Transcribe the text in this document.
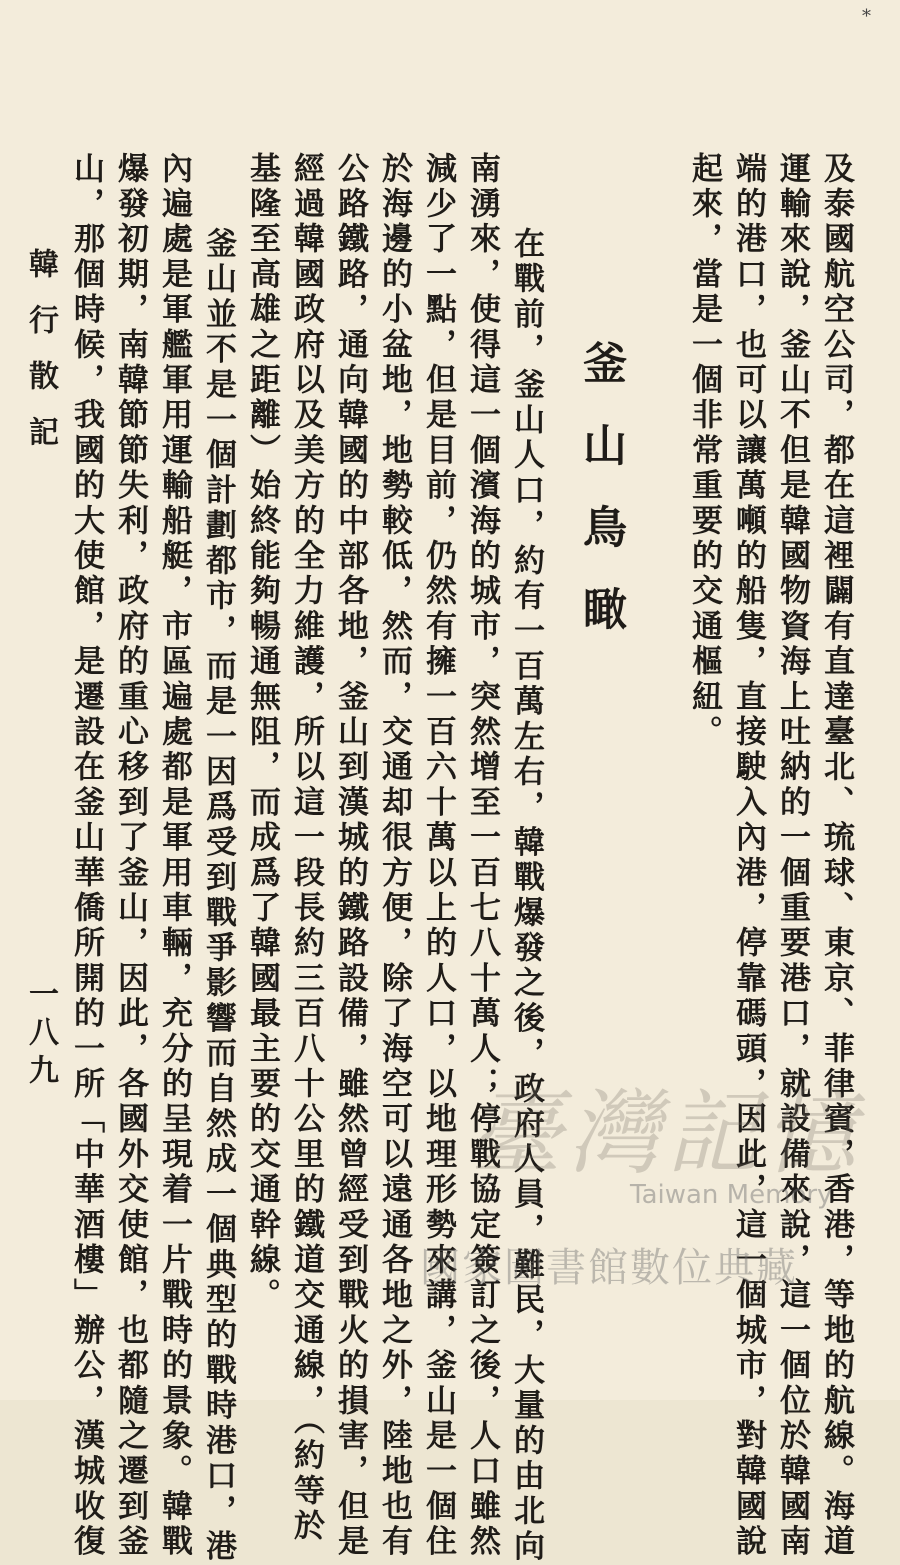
*
及泰國航空公司，都在這裡闢有直達臺北、琉球、東京、菲律賓，香港，等地的航線。海道
運輸來說，釜山不但是韓國物資海上吐納的一個重要港口，就設備來說，這一個位於韓國南
端的港口，也可以讓萬噸的船隻，直接駛入內港，停靠碼頭，因此，這一個城市，對韓國說
起來，當是一個非常重要的交通樞紐。
釜山鳥瞰
　在戰前，釜山人口，約有一百萬左右，韓戰爆發之後，政府人員，難民，大量的由北向
南湧來，使得這一個濱海的城市，突然增至一百七八十萬人；停戰協定簽訂之後，人口雖然
減少了一點，但是目前，仍然有擁一百六十萬以上的人口，以地理形勢來講，釜山是一個住
於海邊的小盆地，地勢較低，然而，交通却很方便，除了海空可以遠通各地之外，陸地也有
公路鐵路，通向韓國的中部各地，釜山到漢城的鐵路設備，雖然曾經受到戰火的損害，但是
經過韓國政府以及美方的全力維護，所以這一段長約三百八十公里的鐵道交通線，（約等於
基隆至高雄之距離）始終能夠暢通無阻，而成爲了韓國最主要的交通幹線。
　釜山並不是一個計劃都市，而是一因爲受到戰爭影響而自然成一個典型的戰時港口，港
內遍處是軍艦軍用運輸船艇，市區遍處都是軍用車輛，充分的呈現着一片戰時的景象。韓戰
爆發初期，南韓節節失利，政府的重心移到了釜山，因此，各國外交使館，也都隨之遷到釜
山，那個時候，我國的大使館，是遷設在釜山華僑所開的一所「中華酒樓」辦公，漢城收復
韓行散記
一八九
臺灣記憶
Taiwan Memory
國家圖書館數位典藏
